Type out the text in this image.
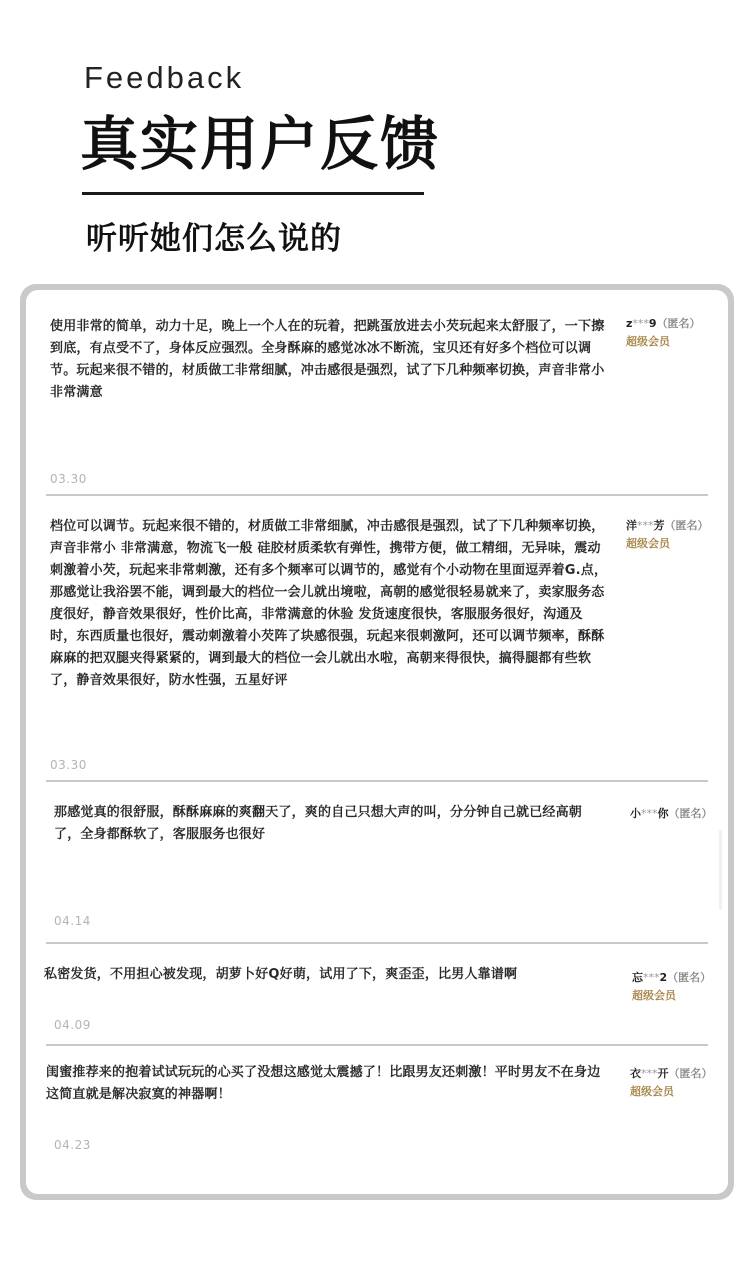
Feedback
真实用户反馈
听听她们怎么说的
使用非常的简单，动力十足，晚上一个人在的玩着，把跳蛋放进去小芡玩起来太舒服了，一下擦到底，有点受不了，身体反应强烈。全身酥麻的感觉冰冰不断流，宝贝还有好多个档位可以调节。玩起来很不错的，材质做工非常细腻，冲击感很是强烈，试了下几种频率切换，声音非常小 非常满意
z***9（匿名）
超级会员
03.30
档位可以调节。玩起来很不错的，材质做工非常细腻，冲击感很是强烈，试了下几种频率切换，声音非常小 非常满意，物流飞一般 硅胶材质柔软有弹性，携带方便，做工精细，无异味，震动刺激着小芡，玩起来非常刺激，还有多个频率可以调节的，感觉有个小动物在里面逗弄着G.点，那感觉让我浴罢不能，调到最大的档位一会儿就出境啦，高朝的感觉很轻易就来了，卖家服务态度很好，静音效果很好，性价比高，非常满意的休验 发货速度很快，客服服务很好，沟通及时，东西质量也很好，震动刺激着小芡阵了块感很强，玩起来很刺激阿，还可以调节频率，酥酥麻麻的把双腿夹得紧紧的，调到最大的档位一会儿就出水啦，高朝来得很快，搞得腿都有些软了，静音效果很好，防水性强，五星好评
洋***芳（匿名）
超级会员
03.30
那感觉真的很舒服，酥酥麻麻的爽翻天了，爽的自己只想大声的叫，分分钟自己就已经高朝了，全身都酥软了，客服服务也很好
小***你（匿名）
04.14
私密发货，不用担心被发现，胡萝卜好Q好萌，试用了下，爽歪歪，比男人靠谱啊	忘***2（匿名）
超级会员
04.09
闺蜜推荐来的抱着试试玩玩的心买了没想这感觉太震撼了！比跟男友还刺激！平时男友不在身边这简直就是解决寂寞的神器啊！
衣***开（匿名）
超级会员
04.23
